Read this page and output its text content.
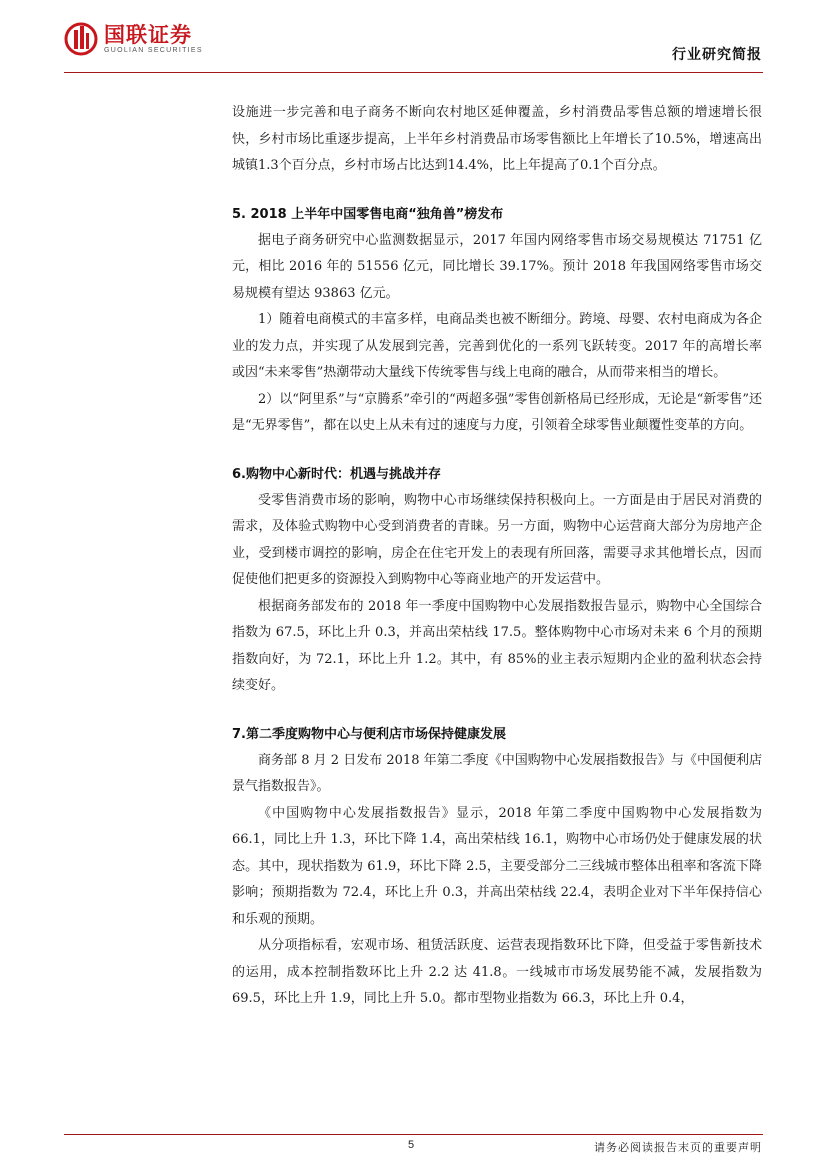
国联证券
GUOLIAN SECURITIES	行业研究简报

设施进一步完善和电子商务不断向农村地区延伸覆盖，乡村消费品零售总额的增速增长很快，乡村市场比重逐步提高，上半年乡村消费品市场零售额比上年增长了10.5%，增速高出城镇1.3个百分点，乡村市场占比达到14.4%，比上年提高了0.1个百分点。

5. 2018 上半年中国零售电商“独角兽”榜发布

据电子商务研究中心监测数据显示，2017 年国内网络零售市场交易规模达 71751 亿元，相比 2016 年的 51556 亿元，同比增长 39.17%。预计 2018 年我国网络零售市场交易规模有望达 93863 亿元。

1）随着电商模式的丰富多样，电商品类也被不断细分。跨境、母婴、农村电商成为各企业的发力点，并实现了从发展到完善，完善到优化的一系列飞跃转变。2017 年的高增长率或因“未来零售”热潮带动大量线下传统零售与线上电商的融合，从而带来相当的增长。

2）以“阿里系”与“京腾系”牵引的“两超多强”零售创新格局已经形成，无论是“新零售”还是“无界零售”，都在以史上从未有过的速度与力度，引领着全球零售业颠覆性变革的方向。

6.购物中心新时代：机遇与挑战并存

受零售消费市场的影响，购物中心市场继续保持积极向上。一方面是由于居民对消费的需求，及体验式购物中心受到消费者的青睐。另一方面，购物中心运营商大部分为房地产企业，受到楼市调控的影响，房企在住宅开发上的表现有所回落，需要寻求其他增长点，因而促使他们把更多的资源投入到购物中心等商业地产的开发运营中。

根据商务部发布的 2018 年一季度中国购物中心发展指数报告显示，购物中心全国综合指数为 67.5，环比上升 0.3，并高出荣枯线 17.5。整体购物中心市场对未来 6 个月的预期指数向好，为 72.1，环比上升 1.2。其中，有 85%的业主表示短期内企业的盈利状态会持续变好。

7.第二季度购物中心与便利店市场保持健康发展

商务部 8 月 2 日发布 2018 年第二季度《中国购物中心发展指数报告》与《中国便利店景气指数报告》。

《中国购物中心发展指数报告》显示，2018 年第二季度中国购物中心发展指数为 66.1，同比上升 1.3，环比下降 1.4，高出荣枯线 16.1，购物中心市场仍处于健康发展的状态。其中，现状指数为 61.9，环比下降 2.5，主要受部分二三线城市整体出租率和客流下降影响；预期指数为 72.4，环比上升 0.3，并高出荣枯线 22.4，表明企业对下半年保持信心和乐观的预期。

从分项指标看，宏观市场、租赁活跃度、运营表现指数环比下降，但受益于零售新技术的运用，成本控制指数环比上升 2.2 达 41.8。一线城市市场发展势能不减，发展指数为 69.5，环比上升 1.9，同比上升 5.0。都市型物业指数为 66.3，环比上升 0.4，

5	请务必阅读报告末页的重要声明
